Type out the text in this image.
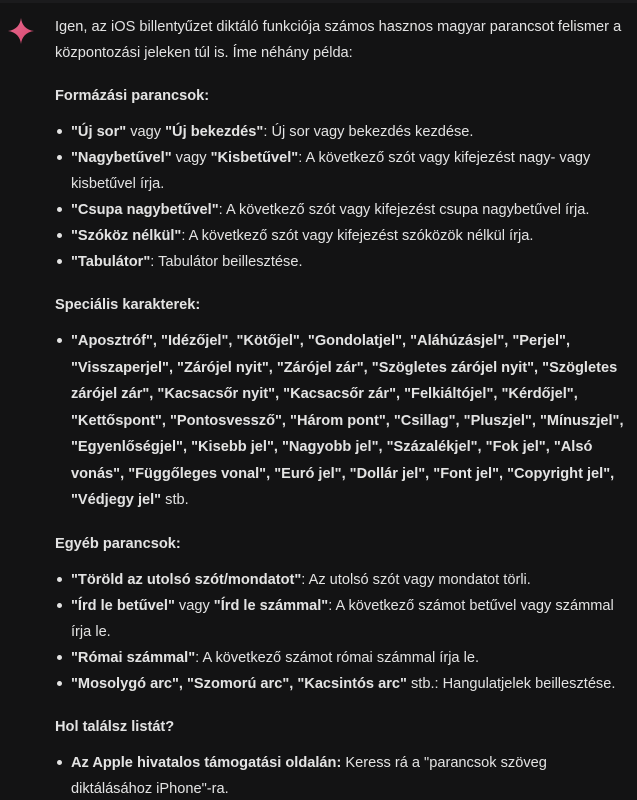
Igen, az iOS billentyűzet diktáló funkciója számos hasznos magyar parancsot felismer a központozási jeleken túl is. Íme néhány példa:

Formázási parancsok:
"Új sor" vagy "Új bekezdés": Új sor vagy bekezdés kezdése.
"Nagybetűvel" vagy "Kisbetűvel": A következő szót vagy kifejezést nagy- vagy kisbetűvel írja.
"Csupa nagybetűvel": A következő szót vagy kifejezést csupa nagybetűvel írja.
"Szóköz nélkül": A következő szót vagy kifejezést szóközök nélkül írja.
"Tabulátor": Tabulátor beillesztése.
Speciális karakterek:
"Aposztróf", "Idézőjel", "Kötőjel", "Gondolatjel", "Aláhúzásjel", "Perjel", "Visszaperjel", "Zárójel nyit", "Zárójel zár", "Szögletes zárójel nyit", "Szögletes zárójel zár", "Kacsacsőr nyit", "Kacsacsőr zár", "Felkiáltójel", "Kérdőjel", "Kettőspont", "Pontosvessző", "Három pont", "Csillag", "Pluszjel", "Mínuszjel", "Egyenlőségjel", "Kisebb jel", "Nagyobb jel", "Százalékjel", "Fok jel", "Alsó vonás", "Függőleges vonal", "Euró jel", "Dollár jel", "Font jel", "Copyright jel", "Védjegy jel" stb.
Egyéb parancsok:
"Töröld az utolsó szót/mondatot": Az utolsó szót vagy mondatot törli.
"Írd le betűvel" vagy "Írd le számmal": A következő számot betűvel vagy számmal írja le.
"Római számmal": A következő számot római számmal írja le.
"Mosolygó arc", "Szomorú arc", "Kacsintós arc" stb.: Hangulatjelek beillesztése.
Hol találsz listát?
Az Apple hivatalos támogatási oldalán: Keress rá a "parancsok szöveg diktálásához iPhone"-ra.
